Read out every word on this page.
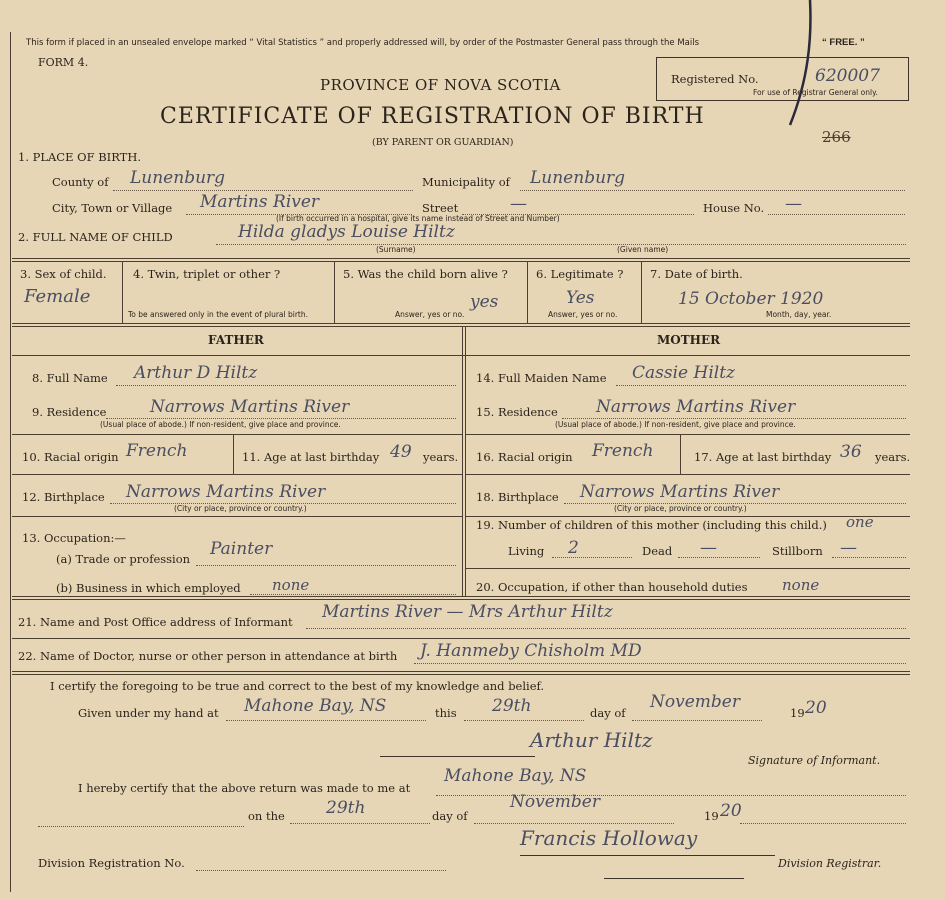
This form if placed in an unsealed envelope marked “ Vital Statistics ” and properly addressed will, by order of the Postmaster General pass through the Mails	“ FREE. ”
FORM 4.
PROVINCE OF NOVA SCOTIA
CERTIFICATE OF REGISTRATION OF BIRTH
(BY PARENT OR GUARDIAN)
Registered No.	620007
For use of Registrar General only.
266
1. PLACE OF BIRTH.
County of Lunenburg	Municipality of Lunenburg
City, Town or Village Martins River	Street	—	House No. —
(If birth occurred in a hospital, give its name instead of Street and Number)
2. FULL NAME OF CHILD	Hilda gladys Louise Hiltz
(Surname)	(Given name)
3. Sex of child.
Female
4. Twin, triplet or other ?
To be answered only in the event of plural birth.
5. Was the child born alive ?
yes
Answer, yes or no.
6. Legitimate ?
Yes
Answer, yes or no.
7. Date of birth.
15 October 1920
Month, day, year.
FATHER	MOTHER
8. Full Name Arthur D Hiltz
9. Residence	Narrows Martins River
(Usual place of abode.) If non-resident, give place and province.
10. Racial origin French	11. Age at last birthday 49 years.
12. Birthplace Narrows Martins River
(City or place, province or country.)
13. Occupation:—
(a) Trade or profession Painter
(b) Business in which employed none
14. Full Maiden Name Cassie Hiltz
15. Residence Narrows Martins River
(Usual place of abode.) If non-resident, give place and province.
16. Racial origin French	17. Age at last birthday 36 years.
18. Birthplace Narrows Martins River
(City or place, province or country.)
19. Number of children of this mother (including this child.) one
Living 2	Dead —	Stillborn —
20. Occupation, if other than household duties none
21. Name and Post Office address of Informant Martins River — Mrs Arthur Hiltz
22. Name of Doctor, nurse or other person in attendance at birth J. Hanmeby Chisholm MD
I certify the foregoing to be true and correct to the best of my knowledge and belief.
Given under my hand at Mahone Bay, NS	this 29th	day of
November
19 20
Arthur Hiltz
Signature of Informant.
I hereby certify that the above return was made to me at
Mahone Bay, NS
on the 29th	day of
November
19 20
Francis Holloway
Division Registration No.	Division Registrar.
